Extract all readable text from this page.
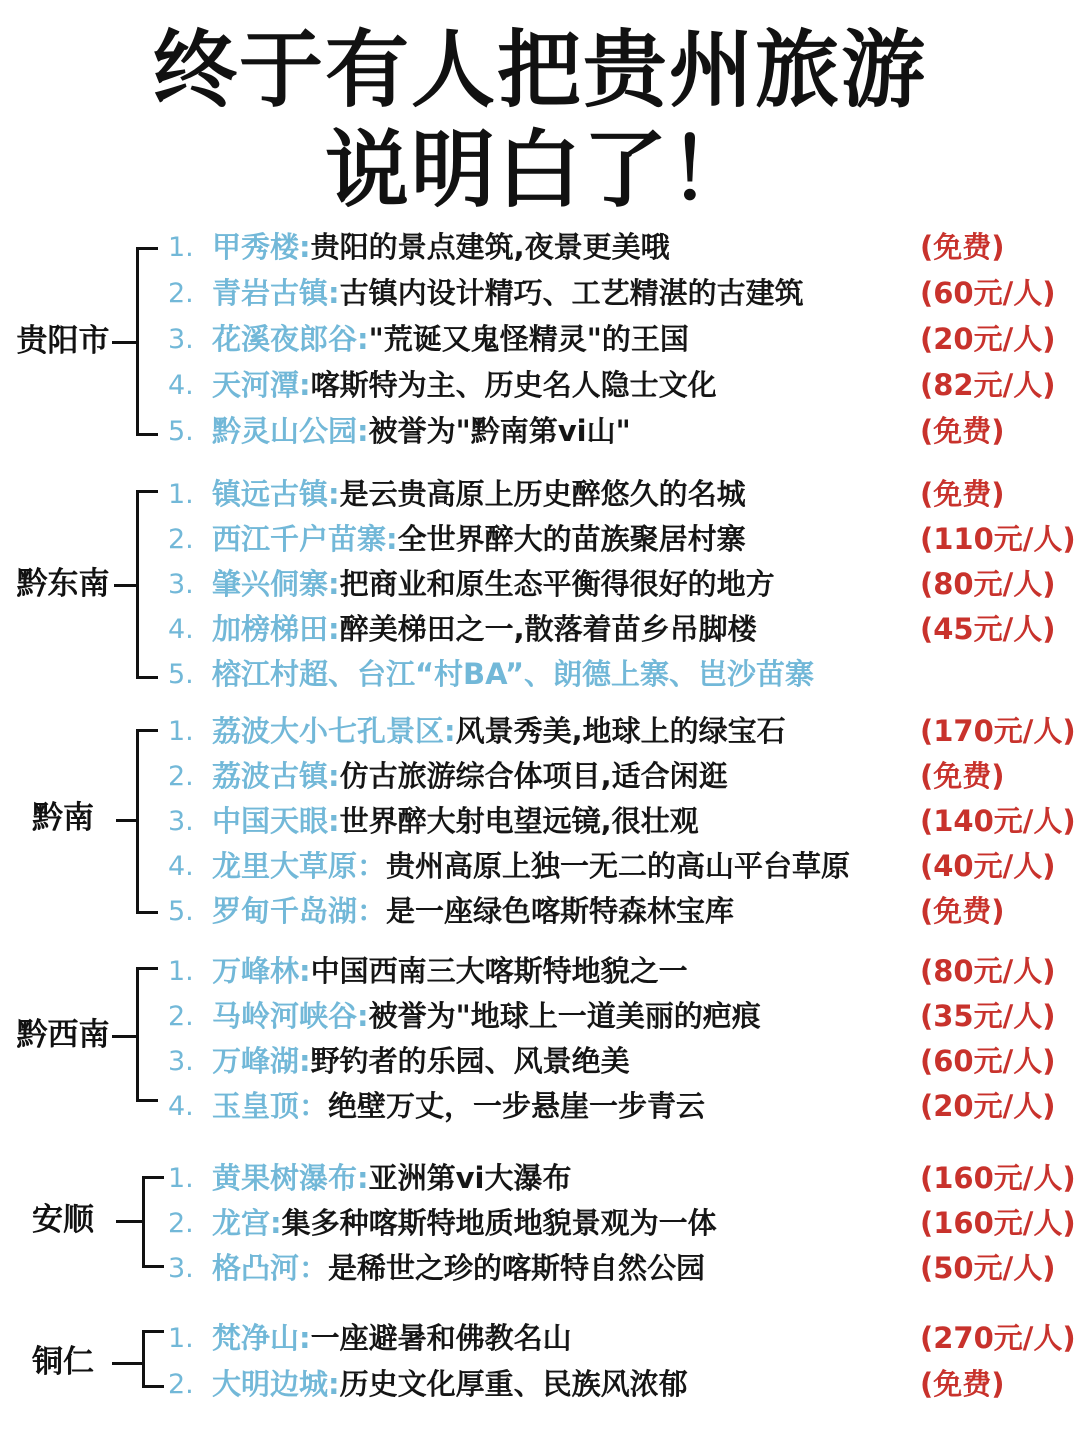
终于有人把贵州旅游
说明白了！
贵阳市
1. 甲秀楼:贵阳的景点建筑,夜景更美哦	(免费)
2. 青岩古镇:古镇内设计精巧、工艺精湛的古建筑	(60元/人)
3. 花溪夜郎谷:"荒诞又鬼怪精灵"的王国	(20元/人)
4. 天河潭:喀斯特为主、历史名人隐士文化	(82元/人)
5. 黔灵山公园:被誉为"黔南第vi山"	(免费)
黔东南
1. 镇远古镇:是云贵高原上历史醉悠久的名城	(免费)
2. 西江千户苗寨:全世界醉大的苗族聚居村寨	(110元/人)
3. 肇兴侗寨:把商业和原生态平衡得很好的地方	(80元/人)
4. 加榜梯田:醉美梯田之一,散落着苗乡吊脚楼	(45元/人)
5. 榕江村超、台江“村BA”、朗德上寨、岜沙苗寨
黔南
1. 荔波大小七孔景区:风景秀美,地球上的绿宝石	(170元/人)
2. 荔波古镇:仿古旅游综合体项目,适合闲逛	(免费)
3. 中国天眼:世界醉大射电望远镜,很壮观	(140元/人)
4. 龙里大草原：贵州高原上独一无二的高山平台草原 (40元/人)
5. 罗甸千岛湖：是一座绿色喀斯特森林宝库	(免费)
黔西南
1. 万峰林:中国西南三大喀斯特地貌之一	(80元/人)
2. 马岭河峡谷:被誉为"地球上一道美丽的疤痕	(35元/人)
3. 万峰湖:野钓者的乐园、风景绝美	(60元/人)
4. 玉皇顶：绝壁万丈，一步悬崖一步青云	(20元/人)
安顺
1. 黄果树瀑布:亚洲第vi大瀑布	(160元/人)
2. 龙宫:集多种喀斯特地质地貌景观为一体	(160元/人)
3. 格凸河：是稀世之珍的喀斯特自然公园	(50元/人)
铜仁
1. 梵净山:一座避暑和佛教名山	(270元/人)
2. 大明边城:历史文化厚重、民族风浓郁	(免费)
